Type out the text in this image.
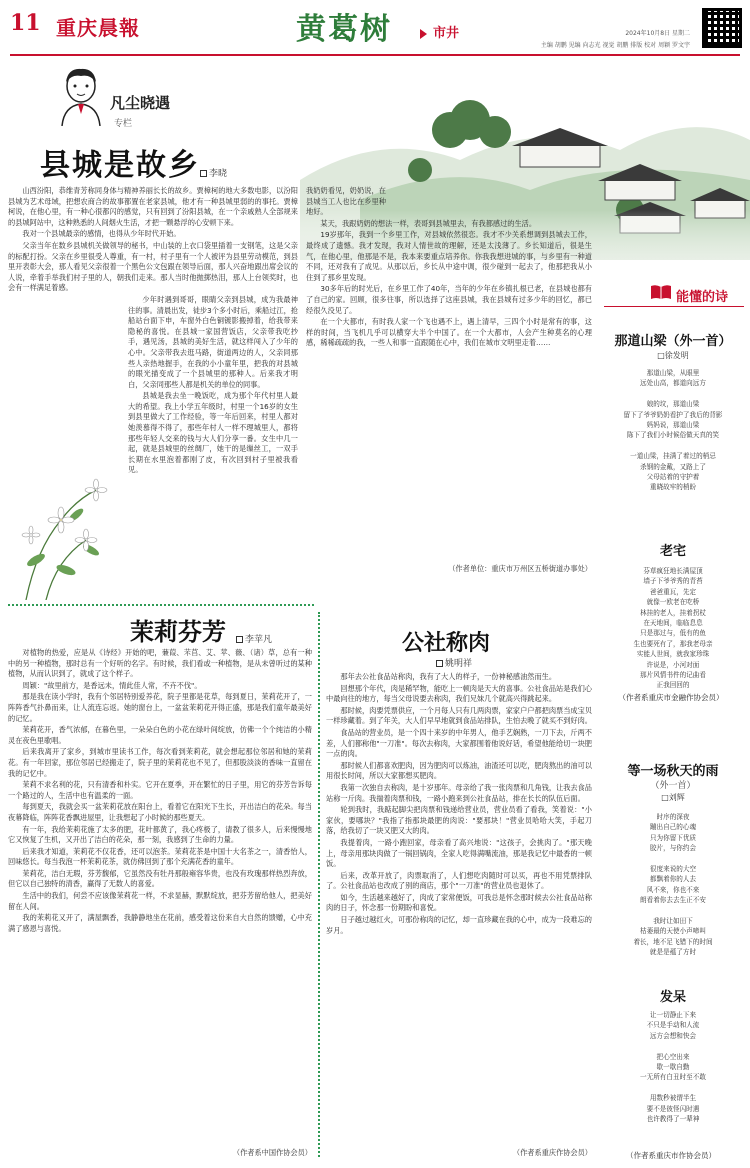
11 重庆晨報	黄葛树	市井	2024年10月8日 星期二
主编 胡鹏 见编 向志光 视觉 胡鹏 排版 校对 周颖 罗文宇
凡尘晓遇
专栏
县城是故乡	李晓

山西汾阳，恭维青芳称同身体与精神养丽长长的故乡。贾樟柯的地大多数电影，以汾阳县城为艺术母域，把想农商合的故事都置在老家县城，他才有一种县城里弱的的事托。贾樟柯说，在他心里，有一种心很都闪的感觉，只有回到了汾阳县城，在一个亲戚熟人全部规来的县城阿站中，这种熟悉的人间烟火生活，才把一颗悬浮的心安顿下来。

我对一个县城最亲的感情，也得从少年时代开始。

父亲当年在数乡县城机关做领导的秘书，中山装的上衣口袋里插着一支钢笔，这是父亲的标配打扮。父亲在乡里很受人尊重，有一村，村子里有一个人被评为县里劳动模范，到县里开表彰大会，那人看见父亲很着一个黑色公文包跟在领导后面，那人兴奋地跟出席会议的人说，牵着手举我们村子里的人，朝我们走来。那人当时他抛掷热泪，那人上台领奖时，也会有一样满足着感。

少年时遇到哥哥，眼睛父亲到县城，成为我最神往的事。清晨出发，徒步3个多小时后，乘船过江，抢船站台面下申，车窗外白色铜镀影搬掉着，给我带来隐秘的喜悦。在县城一家国营饭店，父亲带我吃抄手，遇见汤，县城的美好生活，就这样闯入了少年的心中。父亲带我去逛马路，街道两边的人，父亲同那些人亲热地握手，在我的小小童年里，把我的对县城的眼光描变成了一个县城里的那种人。后来我才明白，父亲同那些人都是机关的单位的同事。

县城是我去坐一晚饭吃，成为那个年代村里人最大的希望。我上小学五年级时，村里一个16岁的女生到县里做大了工作经验，等一年后回来，村里人都对她羡慕得不得了，那些年村人一样不理城里人，都将那些年轻人交来的钱与大人们分享一番。女生中几一起，就是县城里的丝绸厂，她干的是缫丝工，一双手长期在水里泡着都刚了皮，有次回到村子里被我看见。

我奶奶看见，奶奶说，在县城当工人也比在乡里种地好。

某天，我跟奶奶的想法一样，表哥到县城里去，有我都感过的生活。

19岁那年，我到一个乡里工作，对县城依然很恋。我才不少关系想调到县城去工作，最终成了遗憾。我才发现，我对人情世故的理解，还是太浅薄了。乡长知道后，很是生气，在他心里，他那是不是，我本来要重点培养你。你我我想进城的事，与乡里有一种道不同，还对我有了成见。从那以后，乡长从中途中调，很少碰到一起去了，他那把我从小住到了那乡里发现。

30多年后的时光后，在乡里工作了40年，当年的少年在乡镇扎根已老，在县城也都有了自己的家。回顾，很多往事，所以选择了这座县城，我在县城有过多少年的回忆，都已经很久没见了。

在一个大都市，有时我人家一个飞也遇不上，遇上清早，三四个小时是常有的事，这样的时间，当飞机几乎可以横穿大半个中国了。在一个大都市，人会产生种莫名的心理感，稀稀疏疏的我，一些人和事一直跟随在心中，我们在城市文明里走着……

（作者单位：重庆市万州区五桥街道办事处）
茉莉芬芳	李苹凡

对植物的热爱，应是从《诗经》开始的吧，蒹葭、芣苢、艾、苹、薇、（诸）草，总有一种中的另一种植物，那时总有一个好听的名字。有时候，我们看或一种植物，是从未曾听过的某种植物，从而认识到了，就成了这个样子。

周颖："故里前方，是香远未，情此佳人常，不卉不伐"。

那是我在读小学时，我有个邻居特别爱养花，院子里都是花草，每到夏日，茉莉花开了，一阵阵香气扑鼻而来，让人流连忘返。她的窗台上，一盆盆茉莉花开得正盛，那是我们童年最美好的记忆。

茉莉花开，香气浓郁，在暮色里，一朵朵白色的小花在绿叶间绽放，仿佛一个个纯洁的小精灵在夜色里歌唱。

后来我离开了家乡，到城市里读书工作，每次看到茉莉花，就会想起那位邻居和她的茉莉花。有一年回家，那位邻居已经搬走了，院子里的茉莉花也不见了，但那股淡淡的香味一直留在我的记忆中。

茉莉不求名利的花，只有清香和朴实。它开在夏季，开在繁忙的日子里，用它的芬芳告诉每一个路过的人，生活中也有温柔的一面。

每到夏天，我就会买一盆茉莉花放在阳台上，看着它在阳光下生长，开出洁白的花朵。每当夜幕降临，阵阵花香飘进屋里，让我想起了小时候的那些夏天。

有一年，我给茉莉花施了太多的肥，花叶都黄了，我心疼极了，请教了很多人，后来慢慢地它又恢复了生机，又开出了洁白的花朵，那一刻，我感到了生命的力量。

后来我才知道，茉莉花不仅花香，还可以泡茶。茉莉花茶是中国十大名茶之一，清香怡人，回味悠长。每当我泡一杯茉莉花茶，就仿佛回到了那个充满花香的童年。

茉莉花，洁白无瑕，芬芳馥郁，它虽然没有牡丹那般雍容华贵，也没有玫瑰那样热烈奔放，但它以自己独特的清香，赢得了无数人的喜爱。

生活中的我们，何尝不应该像茉莉花一样，不求显赫，默默绽放，把芬芳留给他人，把美好留在人间。

我的茉莉花又开了，满屋飘香，我静静地坐在花前，感受着这份来自大自然的馈赠，心中充满了感恩与喜悦。

（作者系中国作协会员）
公社称肉
姚明祥

那年去公社食品站称肉，我有了大人的样子，一份神秘感油然而生。

回想那个年代，肉是稀罕物，能吃上一顿肉是天大的喜事。公社食品站是我们心中最向往的地方，每当父母说要去称肉，我们兄妹几个就高兴得跳起来。

那时候，肉要凭票供应，一个月每人只有几两肉票，家家户户都把肉票当成宝贝一样珍藏着。到了年关，大人们早早地就到食品站排队，生怕去晚了就买不到好肉。

食品站的营业员，是一个四十来岁的中年男人，他手艺娴熟，一刀下去，斤两不差，人们都称他"一刀准"。每次去称肉，大家都围着他说好话，希望他能给切一块肥一点的肉。

那时候人们都喜欢肥肉，因为肥肉可以炼油，油渣还可以吃，肥肉熬出的油可以用很长时间，所以大家都想买肥肉。

我第一次独自去称肉，是十岁那年。母亲给了我一张肉票和几角钱，让我去食品站称一斤肉。我揣着肉票和钱，一路小跑来到公社食品站，排在长长的队伍后面。

轮到我时，我踮起脚尖把肉票和钱递给营业员，营业员看了看我，笑着说："小家伙，要哪块？"我指了指那块最肥的肉说："要那块！"营业员哈哈大笑，手起刀落，给我切了一块又肥又大的肉。

我提着肉，一路小跑回家，母亲看了高兴地说："这孩子，会挑肉了。"那天晚上，母亲用那块肉做了一锅回锅肉，全家人吃得满嘴流油，那是我记忆中最香的一顿饭。

后来，改革开放了，肉票取消了，人们想吃肉随时可以买，再也不用凭票排队了。公社食品站也改成了别的商店，那个"一刀准"的营业员也退休了。

如今，生活越来越好了，肉成了家常便饭，可我总是怀念那时候去公社食品站称肉的日子，怀念那一份期盼和喜悦。

日子越过越红火，可那份称肉的记忆，却一直珍藏在我的心中，成为一段难忘的岁月。

（作者系重庆作协会员）
能懂的诗
那道山梁（外一首）
□徐发明
那道山梁，从眼里
远处山高，都道向远方

娘的坟，那道山梁
留下了爷爷奶奶看护了我后的背影
妈妈说，那道山梁
陈下了我们小时候俗做天真的笑

一道山梁，挂满了着过的梢忌
杀钢的金戴，又路上了
父母站着的守护着
重晓故牢的梢盼
老宅
芬草疯狂地长满屋顶
墙子下爷爷秀的青苔
爸爸重瓦，先定
就像一欧老在吃桥
林挂的老人，挂着拐杖
在天地间，临临息息
只是那过与，低有的鱼
生也要死有了，那我老母亲
实能人世间，就我家珍珠
许说是，小河对面
那片风情书件的记曲看
正我回回的
（作者系重庆市金融作协会员）
等一场秋天的雨
（外一首）
□刘辉
时序的深夜
蹦出自己的心魂
只为你留下优质
胶片，与你约会

很度来说的大空
都飘着你的人去
风不来，你也不来
朗看着你去去生正不安

我时让如田下
枯萎最的天使小声啼叫
着长，地不足飞错下的时间
就是是蕴了方时
发呆
让一切静止下来
不只是手动和人流
远方会想和快会

把心空出来
歇一歇自勤
一无所有白丑时至不敢

用数秒被谓半生
要不是彼怪闪时遇
也许教得了一辈神
（作者系重庆市作协会员）
